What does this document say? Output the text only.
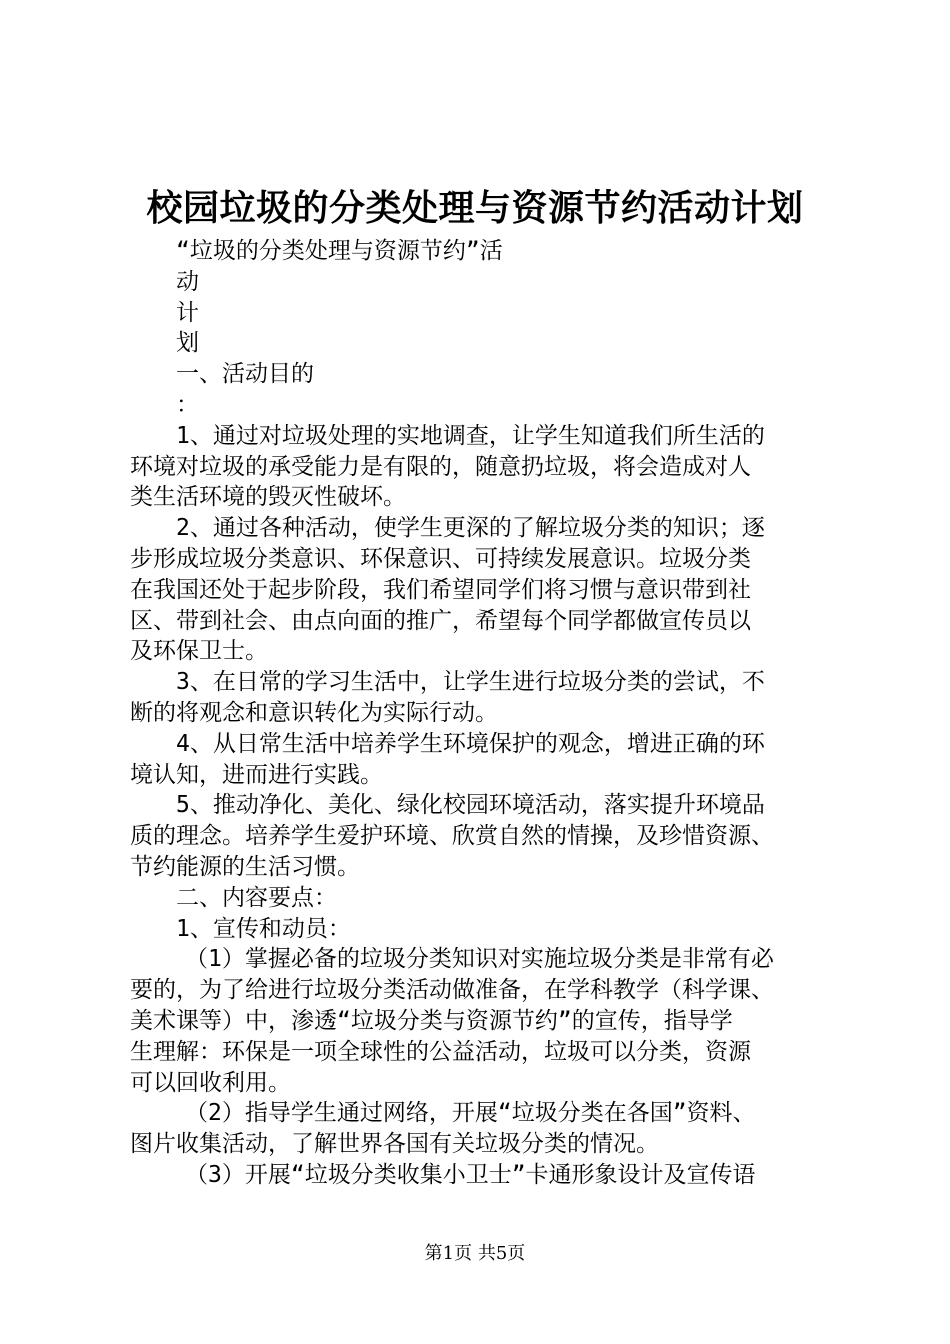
校园垃圾的分类处理与资源节约活动计划
“垃圾的分类处理与资源节约”活
动
计
划
一、活动目的
：
1、通过对垃圾处理的实地调查，让学生知道我们所生活的
环境对垃圾的承受能力是有限的，随意扔垃圾，将会造成对人
类生活环境的毁灭性破坏。
2、通过各种活动，使学生更深的了解垃圾分类的知识；逐
步形成垃圾分类意识、环保意识、可持续发展意识。垃圾分类
在我国还处于起步阶段，我们希望同学们将习惯与意识带到社
区、带到社会、由点向面的推广，希望每个同学都做宣传员以
及环保卫士。
3、在日常的学习生活中，让学生进行垃圾分类的尝试，不
断的将观念和意识转化为实际行动。
4、从日常生活中培养学生环境保护的观念，增进正确的环
境认知，进而进行实践。
5、推动净化、美化、绿化校园环境活动，落实提升环境品
质的理念。培养学生爱护环境、欣赏自然的情操，及珍惜资源、
节约能源的生活习惯。
二、内容要点：
1、宣传和动员：
（1）掌握必备的垃圾分类知识对实施垃圾分类是非常有必
要的，为了给进行垃圾分类活动做准备，在学科教学（科学课、
美术课等）中，渗透“垃圾分类与资源节约”的宣传，指导学
生理解：环保是一项全球性的公益活动，垃圾可以分类，资源
可以回收利用。
（2）指导学生通过网络，开展“垃圾分类在各国”资料、
图片收集活动，了解世界各国有关垃圾分类的情况。
（3）开展“垃圾分类收集小卫士”卡通形象设计及宣传语
第1页 共5页
